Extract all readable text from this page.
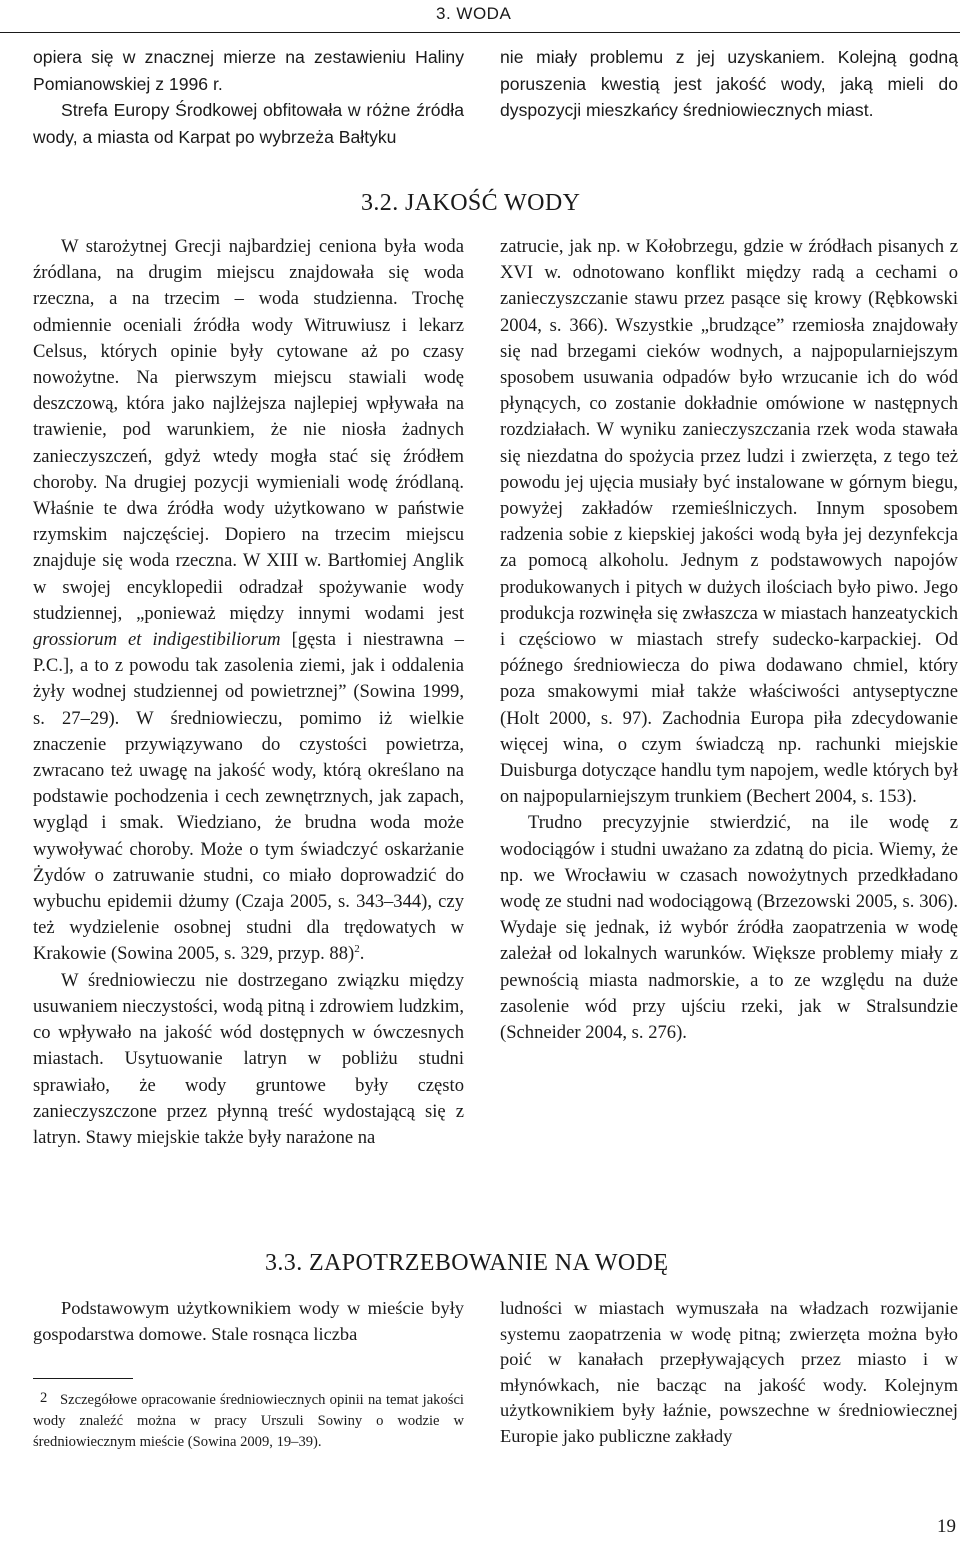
3. WODA

opiera się w znacznej mierze na zestawieniu Haliny Pomianowskiej z 1996 r.

Strefa Europy Środkowej obfitowała w różne źródła wody, a miasta od Karpat po wybrzeża Bałtyku

nie miały problemu z jej uzyskaniem. Kolejną godną poruszenia kwestią jest jakość wody, jaką mieli do dyspozycji mieszkańcy średniowiecznych miast.

3.2. JAKOŚĆ WODY

W starożytnej Grecji najbardziej ceniona była woda źródlana, na drugim miejscu znajdowała się woda rzeczna, a na trzecim – woda studzienna. Trochę odmiennie oceniali źródła wody Witruwiusz i lekarz Celsus, których opinie były cytowane aż po czasy nowożytne. Na pierwszym miejscu stawiali wodę deszczową, która jako najlżejsza najlepiej wpływała na trawienie, pod warunkiem, że nie niosła żadnych zanieczyszczeń, gdyż wtedy mogła stać się źródłem choroby. Na drugiej pozycji wymieniali wodę źródlaną. Właśnie te dwa źródła wody użytkowano w państwie rzymskim najczęściej. Dopiero na trzecim miejscu znajduje się woda rzeczna. W XIII w. Bartłomiej Anglik w swojej encyklopedii odradzał spożywanie wody studziennej, „ponieważ między innymi wodami jest grossiorum et indigestibiliorum [gęsta i niestrawna – P.C.], a to z powodu tak zasolenia ziemi, jak i oddalenia żyły wodnej studziennej od powietrznej” (Sowina 1999, s. 27–29). W średniowieczu, pomimo iż wielkie znaczenie przywiązywano do czystości powietrza, zwracano też uwagę na jakość wody, którą określano na podstawie pochodzenia i cech zewnętrznych, jak zapach, wygląd i smak. Wiedziano, że brudna woda może wywoływać choroby. Może o tym świadczyć oskarżanie Żydów o zatruwanie studni, co miało doprowadzić do wybuchu epidemii dżumy (Czaja 2005, s. 343–344), czy też wydzielenie osobnej studni dla trędowatych w Krakowie (Sowina 2005, s. 329, przyp. 88)$^2$.

W średniowieczu nie dostrzegano związku między usuwaniem nieczystości, wodą pitną i zdrowiem ludzkim, co wpływało na jakość wód dostępnych w ówczesnych miastach. Usytuowanie latryn w pobliżu studni sprawiało, że wody gruntowe były często zanieczyszczone przez płynną treść wydostającą się z latryn. Stawy miejskie także były narażone na

zatrucie, jak np. w Kołobrzegu, gdzie w źródłach pisanych z XVI w. odnotowano konflikt między radą a cechami o zanieczyszczanie stawu przez pasące się krowy (Rębkowski 2004, s. 366). Wszystkie „brudzące” rzemiosła znajdowały się nad brzegami cieków wodnych, a najpopularniejszym sposobem usuwania odpadów było wrzucanie ich do wód płynących, co zostanie dokładnie omówione w następnych rozdziałach. W wyniku zanieczyszczania rzek woda stawała się niezdatna do spożycia przez ludzi i zwierzęta, z tego też powodu jej ujęcia musiały być instalowane w górnym biegu, powyżej zakładów rzemieślniczych. Innym sposobem radzenia sobie z kiepskiej jakości wodą była jej dezynfekcja za pomocą alkoholu. Jednym z podstawowych napojów produkowanych i pitych w dużych ilościach było piwo. Jego produkcja rozwinęła się zwłaszcza w miastach hanzeatyckich i częściowo w miastach strefy sudecko-karpackiej. Od późnego średniowiecza do piwa dodawano chmiel, który poza smakowymi miał także właściwości antyseptyczne (Holt 2000, s. 97). Zachodnia Europa piła zdecydowanie więcej wina, o czym świadczą np. rachunki miejskie Duisburga dotyczące handlu tym napojem, wedle których był on najpopularniejszym trunkiem (Bechert 2004, s. 153).

Trudno precyzyjnie stwierdzić, na ile wodę z wodociągów i studni uważano za zdatną do picia. Wiemy, że np. we Wrocławiu w czasach nowożytnych przedkładano wodę ze studni nad wodociągową (Brzezowski 2005, s. 306). Wydaje się jednak, iż wybór źródła zaopatrzenia w wodę zależał od lokalnych warunków. Większe problemy miały z pewnością miasta nadmorskie, a to ze względu na duże zasolenie wód przy ujściu rzeki, jak w Stralsundzie (Schneider 2004, s. 276).

3.3. ZAPOTRZEBOWANIE NA WODĘ

Podstawowym użytkownikiem wody w mieście były gospodarstwa domowe. Stale rosnąca liczba

ludności w miastach wymuszała na władzach rozwijanie systemu zaopatrzenia w wodę pitną; zwierzęta można było poić w kanałach przepływających przez miasto i w młynówkach, nie bacząc na jakość wody. Kolejnym użytkownikiem były łaźnie, powszechne w średniowiecznej Europie jako publiczne zakłady

2 Szczegółowe opracowanie średniowiecznych opinii na temat jakości wody znaleźć można w pracy Urszuli Sowiny o wodzie w średniowiecznym mieście (Sowina 2009, 19–39).

19
